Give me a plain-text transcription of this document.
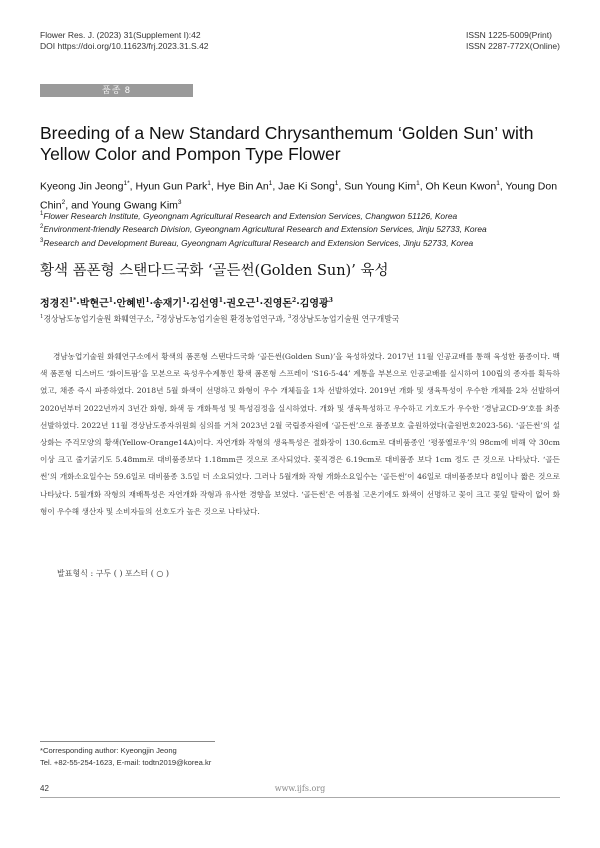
Flower Res. J. (2023) 31(Supplement I):42
DOI https://doi.org/10.11623/frj.2023.31.S.42
ISSN 1225-5009(Print)
ISSN 2287-772X(Online)
품종 8
Breeding of a New Standard Chrysanthemum ‘Golden Sun’ with Yellow Color and Pompon Type Flower
Kyeong Jin Jeong$^{1*}$, Hyun Gun Park$^1$, Hye Bin An$^1$, Jae Ki Song$^1$, Sun Young Kim$^1$, Oh Keun Kwon$^1$, Young Don Chin$^2$, and Young Gwang Kim$^3$
$^1$Flower Research Institute, Gyeongnam Agricultural Research and Extension Services, Changwon 51126, Korea
$^2$Environment-friendly Research Division, Gyeongnam Agricultural Research and Extension Services, Jinju 52733, Korea
$^3$Research and Development Bureau, Gyeongnam Agricultural Research and Extension Services, Jinju 52733, Korea
황색 폼폰형 스탠다드국화 ‘골든썬(Golden Sun)’ 육성
정경진$^{1*}$·박현근$^1$·안혜빈$^1$·송재기$^1$·김선영$^1$·권오근$^1$·진영돈$^2$·김영광$^3$
$^1$경상남도농업기술원 화훼연구소, $^2$경상남도농업기술원 환경농업연구과, $^3$경상남도농업기술원 연구개발국

경남농업기술원 화훼연구소에서 황색의 폼폰형 스탠다드국화 ‘골든썬(Golden Sun)’을 육성하였다. 2017년 11월 인공교배를 통해 육성한 품종이다. 백색 폼폰형 디스버드 ‘화이트팜’을 모본으로 육성우수계통인 황색 폼폰형 스프레이 ‘S16-5-44’ 계통을 부본으로 인공교배를 실시하여 100립의 종자를 획득하였고, 채종 즉시 파종하였다. 2018년 5월 화색이 선명하고 화형이 우수 개체들을 1차 선발하였다. 2019년 개화 및 생육특성이 우수한 개체를 2차 선발하여 2020년부터 2022년까지 3년간 화형, 화색 등 개화특성 및 특성검정을 실시하였다. 개화 및 생육특성하고 우수하고 기호도가 우수한 ‘경남교CD-9’호를 최종 선발하였다. 2022년 11월 경상남도종자위원회 심의를 거쳐 2023년 2월 국립종자원에 ‘골든썬’으로 품종보호 출원하였다(출원번호2023-56). ‘골든썬’의 설상화는 주걱모양의 황색(Yellow-Orange14A)이다. 자연개화 작형의 생육특성은 절화장이 130.6cm로 대비품종인 ‘평풍옐로우’의 98cm에 비해 약 30cm이상 크고 줄기굵기도 5.48mm로 대비품종보다 1.18mm큰 것으로 조사되었다. 꽃직경은 6.19cm로 대비품종 보다 1cm 정도 큰 것으로 나타났다. ‘골든썬’의 개화소요일수는 59.6일로 대비품종 3.5일 더 소요되었다. 그러나 5월개화 작형 개화소요일수는 ‘골든썬’이 46일로 대비품종보다 8일이나 짧은 것으로 나타났다. 5월개화 작형의 재배특성은 자연개화 작형과 유사한 경향을 보였다. ‘골든썬’은 여름철 고온기에도 화색이 선명하고 꽃이 크고 꽃잎 탈락이 없어 화형이 우수해 생산자 및 소비자들의 선호도가 높은 것으로 나타났다.

발표형식 : 구두 ( ) 포스터 ( ○ )
*Corresponding author: Kyeongjin Jeong
Tel. +82-55-254-1623, E-mail: todtn2019@korea.kr
42	www.ijfs.org
